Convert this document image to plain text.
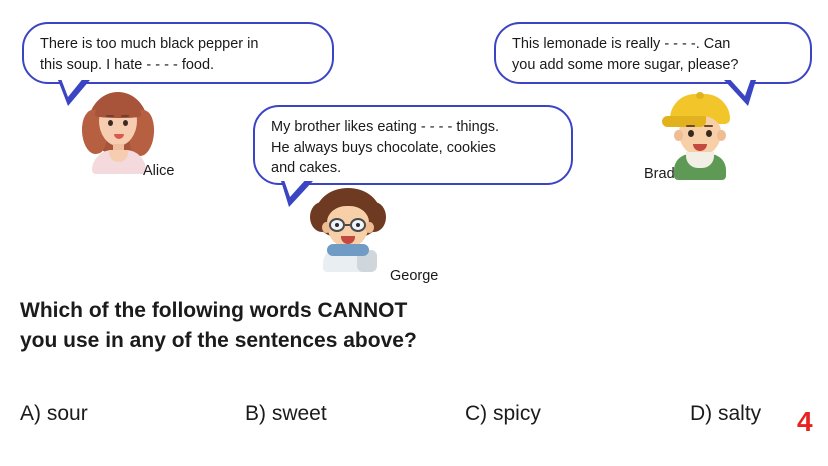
There is too much black pepper in
this soup. I hate - - - - food.
My brother likes eating - - - - things.
He always buys chocolate, cookies
and cakes.
This lemonade is really - - - -. Can
you add some more sugar, please?
Alice
George
Brad
Which of the following words CANNOT
you use in any of the sentences above?
A) sour	B) sweet	C) spicy	D) salty 4
